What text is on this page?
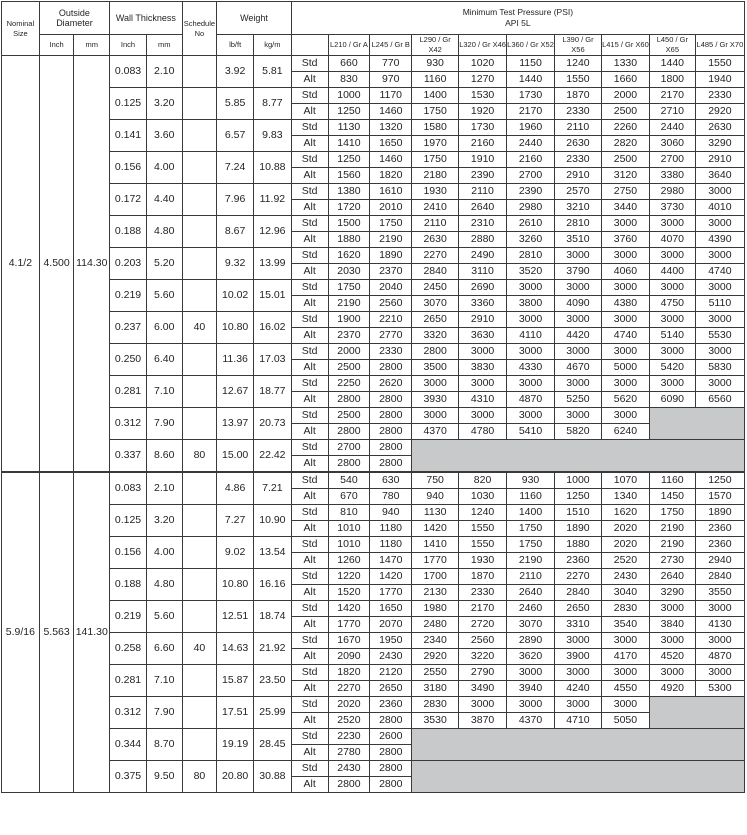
Nominal Size	Outside Diameter		Wall Thickness		Schedule No	Weight		Minimum Test Pressure (PSI)
API 5L									

	Inch	mm	Inch	mm		lb/ft	kg/m		L210 / Gr A	L245 / Gr B	L290 / Gr X42	L320 / Gr X46	L360 / Gr X52	L390 / Gr X56	L415 / Gr X60	L450 / Gr X65	L485 / Gr X70
4.1/2	4.500	114.30	0.083	2.10		3.92	5.81	Std	660	770	930	1020	1150	1240	1330	1440	1550
								Alt	830	970	1160	1270	1440	1550	1660	1800	1940
			0.125	3.20		5.85	8.77	Std	1000	1170	1400	1530	1730	1870	2000	2170	2330
								Alt	1250	1460	1750	1920	2170	2330	2500	2710	2920
			0.141	3.60		6.57	9.83	Std	1130	1320	1580	1730	1960	2110	2260	2440	2630
								Alt	1410	1650	1970	2160	2440	2630	2820	3060	3290
			0.156	4.00		7.24	10.88	Std	1250	1460	1750	1910	2160	2330	2500	2700	2910
								Alt	1560	1820	2180	2390	2700	2910	3120	3380	3640
			0.172	4.40		7.96	11.92	Std	1380	1610	1930	2110	2390	2570	2750	2980	3000
								Alt	1720	2010	2410	2640	2980	3210	3440	3730	4010
			0.188	4.80		8.67	12.96	Std	1500	1750	2110	2310	2610	2810	3000	3000	3000
								Alt	1880	2190	2630	2880	3260	3510	3760	4070	4390
			0.203	5.20		9.32	13.99	Std	1620	1890	2270	2490	2810	3000	3000	3000	3000
								Alt	2030	2370	2840	3110	3520	3790	4060	4400	4740
			0.219	5.60		10.02	15.01	Std	1750	2040	2450	2690	3000	3000	3000	3000	3000
								Alt	2190	2560	3070	3360	3800	4090	4380	4750	5110
			0.237	6.00	40	10.80	16.02	Std	1900	2210	2650	2910	3000	3000	3000	3000	3000
								Alt	2370	2770	3320	3630	4110	4420	4740	5140	5530
			0.250	6.40		11.36	17.03	Std	2000	2330	2800	3000	3000	3000	3000	3000	3000
								Alt	2500	2800	3500	3830	4330	4670	5000	5420	5830
			0.281	7.10		12.67	18.77	Std	2250	2620	3000	3000	3000	3000	3000	3000	3000
								Alt	2800	2800	3930	4310	4870	5250	5620	6090	6560
			0.312	7.90		13.97	20.73	Std	2500	2800	3000	3000	3000	3000	3000		
								Alt	2800	2800	4370	4780	5410	5820	6240		
			0.337	8.60	80	15.00	22.42	Std	2700	2800							
								Alt	2800	2800							
5.9/16	5.563	141.30	0.083	2.10		4.86	7.21	Std	540	630	750	820	930	1000	1070	1160	1250
								Alt	670	780	940	1030	1160	1250	1340	1450	1570
			0.125	3.20		7.27	10.90	Std	810	940	1130	1240	1400	1510	1620	1750	1890
								Alt	1010	1180	1420	1550	1750	1890	2020	2190	2360
			0.156	4.00		9.02	13.54	Std	1010	1180	1410	1550	1750	1880	2020	2190	2360
								Alt	1260	1470	1770	1930	2190	2360	2520	2730	2940
			0.188	4.80		10.80	16.16	Std	1220	1420	1700	1870	2110	2270	2430	2640	2840
								Alt	1520	1770	2130	2330	2640	2840	3040	3290	3550
			0.219	5.60		12.51	18.74	Std	1420	1650	1980	2170	2460	2650	2830	3000	3000
								Alt	1770	2070	2480	2720	3070	3310	3540	3840	4130
			0.258	6.60	40	14.63	21.92	Std	1670	1950	2340	2560	2890	3000	3000	3000	3000
								Alt	2090	2430	2920	3220	3620	3900	4170	4520	4870
			0.281	7.10		15.87	23.50	Std	1820	2120	2550	2790	3000	3000	3000	3000	3000
								Alt	2270	2650	3180	3490	3940	4240	4550	4920	5300
			0.312	7.90		17.51	25.99	Std	2020	2360	2830	3000	3000	3000	3000		
								Alt	2520	2800	3530	3870	4370	4710	5050		
			0.344	8.70		19.19	28.45	Std	2230	2600							
								Alt	2780	2800							
			0.375	9.50	80	20.80	30.88	Std	2430	2800							
								Alt	2800	2800							
